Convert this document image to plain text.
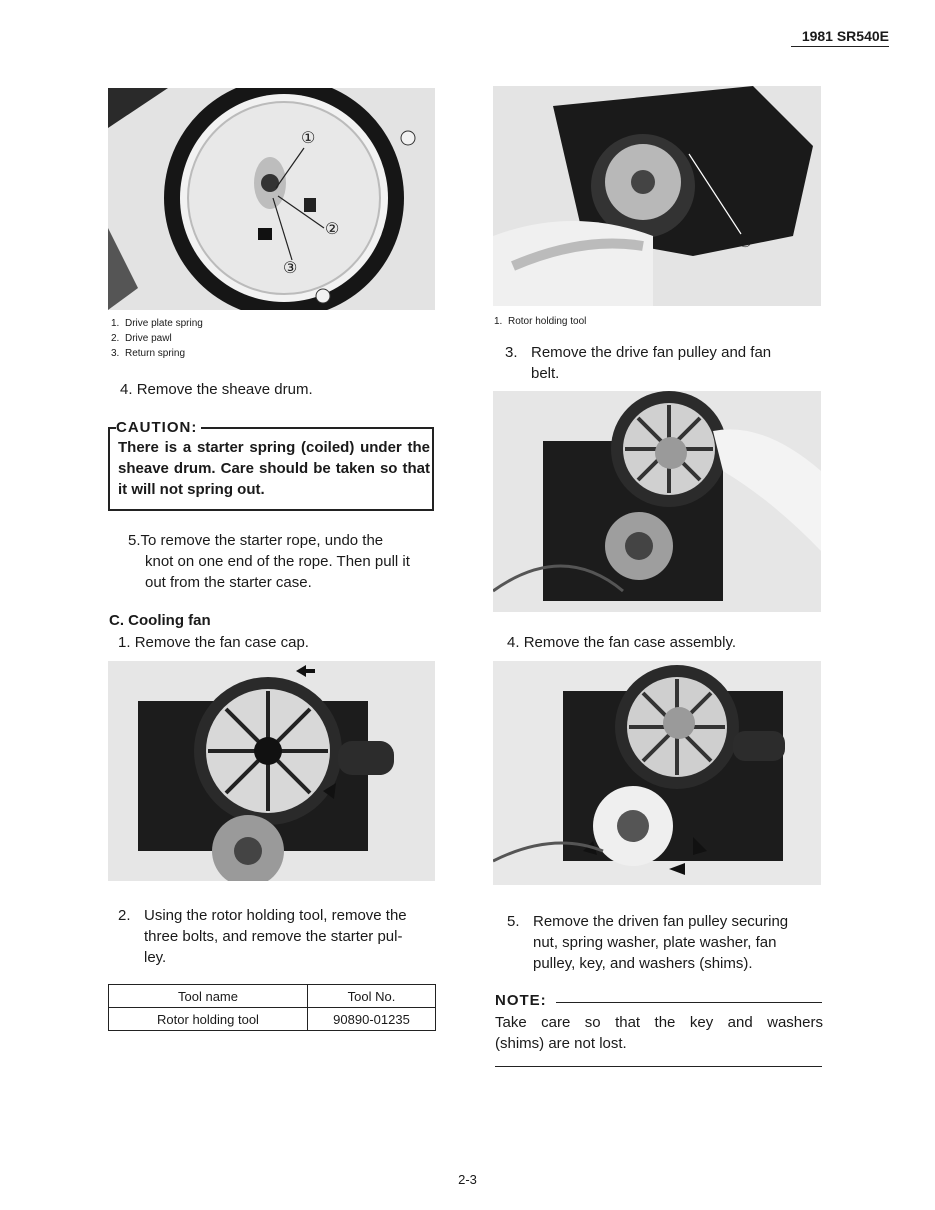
1981 SR540E
①
②
③
1. Drive plate spring
2. Drive pawl
3. Return spring
4. Remove the sheave drum.
CAUTION:
There is a starter spring (coiled) under the sheave drum. Care should be taken so that it will not spring out.
5.To remove the starter rope, undo the
knot on one end of the rope. Then pull it
out from the starter case.
C. Cooling fan
1. Remove the fan case cap.
2. Using the rotor holding tool, remove the
three bolts, and remove the starter pul-
ley.
Tool name	Tool No.
Rotor holding tool	90890-01235
①
1. Rotor holding tool
3. Remove the drive fan pulley and fan
belt.
4. Remove the fan case assembly.
5. Remove the driven fan pulley securing
nut, spring washer, plate washer, fan
pulley, key, and washers (shims).
NOTE:
Take care so that the key and washers
(shims) are not lost.
2-3
